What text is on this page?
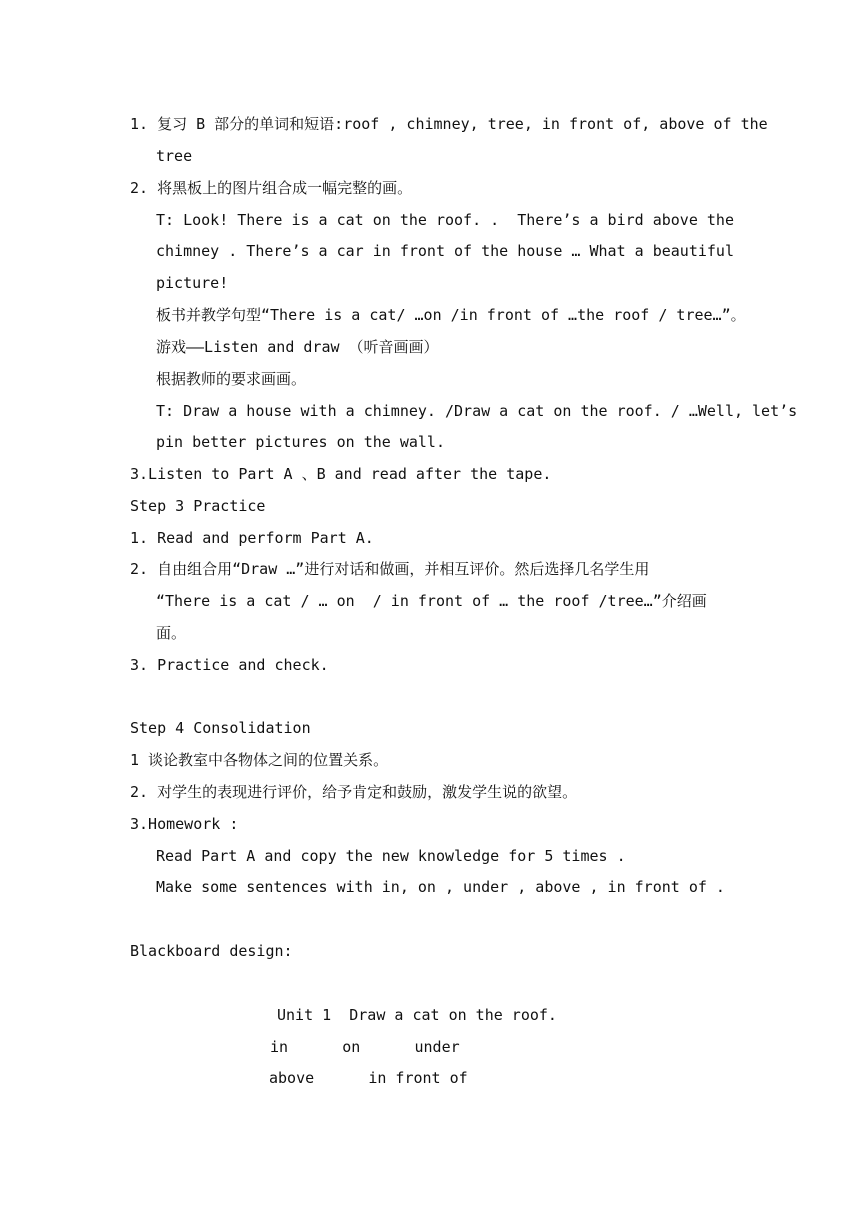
1. 复习 B 部分的单词和短语:roof , chimney, tree, in front of, above of the
tree
2. 将黑板上的图片组合成一幅完整的画。
T: Look! There is a cat on the roof. .  There’s a bird above the
chimney . There’s a car in front of the house … What a beautiful
picture!
板书并教学句型“There is a cat/ …on /in front of …the roof / tree…”。
游戏——Listen and draw （听音画画）
根据教师的要求画画。
T: Draw a house with a chimney. /Draw a cat on the roof. / …Well, let’s
pin better pictures on the wall.
3.Listen to Part A 、B and read after the tape.
Step 3 Practice
1. Read and perform Part A.
2. 自由组合用“Draw …”进行对话和做画，并相互评价。然后选择几名学生用
“There is a cat / … on  / in front of … the roof /tree…”介绍画
面。
3. Practice and check.
Step 4 Consolidation
1 谈论教室中各物体之间的位置关系。
2. 对学生的表现进行评价，给予肯定和鼓励，激发学生说的欲望。
3.Homework :
Read Part A and copy the new knowledge for 5 times .
Make some sentences with in, on , under , above , in front of .
Blackboard design:
Unit 1  Draw a cat on the roof.
in      on      under
above      in front of
